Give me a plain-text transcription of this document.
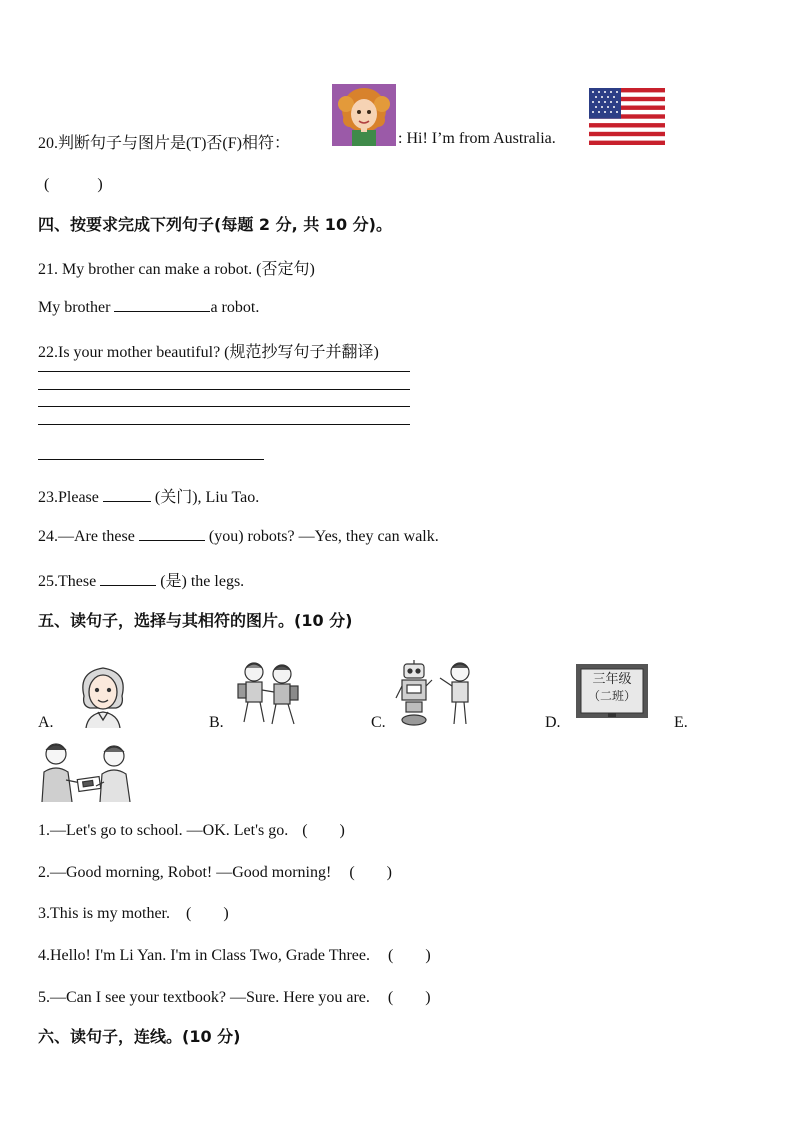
20.判断句子与图片是(T)否(F)相符：	: Hi! I’m from Australia.
(　　　)
四、按要求完成下列句子(每题 2 分, 共 10 分)。
21. My brother can make a robot. (否定句)
My brother	a robot.
22.Is your mother beautiful? (规范抄写句子并翻译)
23.Please	(关门), Liu Tao.
24.—Are these	(you) robots? —Yes, they can walk.
25.These	(是) the legs.
五、读句子，选择与其相符的图片。(10 分)
A.	B.	C.	D.
三年级
（二班）
E.
1.—Let's go to school. —OK. Let's go. (　　)
2.—Good morning, Robot! —Good morning! (　　)
3.This is my mother. (　　)
4.Hello! I'm Li Yan. I'm in Class Two, Grade Three. (　　)
5.—Can I see your textbook? —Sure. Here you are. (　　)
六、读句子，连线。(10 分)
